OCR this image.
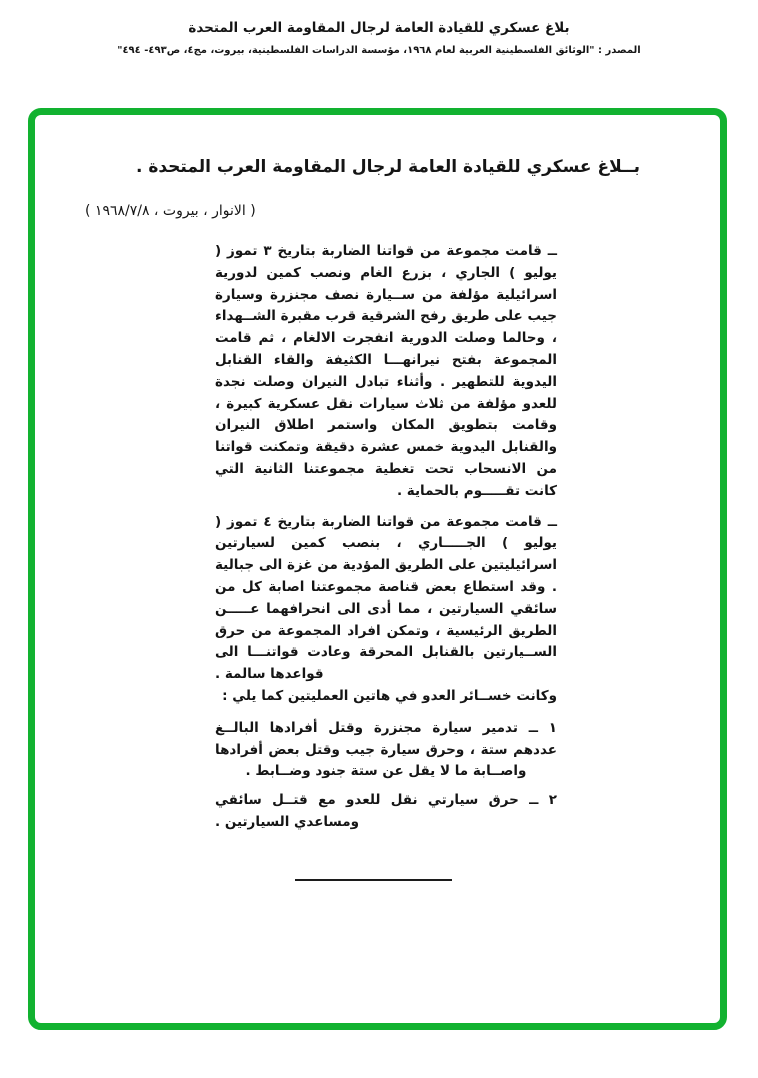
بلاغ عسكري للقيادة العامة لرجال المقاومة العرب المتحدة
المصدر : "الوثائق الفلسطينية العربية لعام ١٩٦٨، مؤسسة الدراسات الفلسطينية، بيروت، مج٤، ص٤٩٣- ٤٩٤"
بــلاغ عسكري للقيادة العامة لرجال المقاومة العرب المتحدة .
( الانوار ، بيروت ، ١٩٦٨/٧/٨ )

ــ قامت مجموعة من قواتنا الضاربة بتاريخ ٣ تموز ( يوليو ) الجاري ، بزرع الغام ونصب كمين لدورية اسرائيلية مؤلفة من ســيارة نصف مجنزرة وسيارة جيب على طريق رفح الشرقية قرب مقبرة الشــهداء ، وحالما وصلت الدورية انفجرت الالغام ، ثم قامت المجموعة بفتح نيرانهـــا الكثيفة والقاء القنابل اليدوية للتطهير . وأثناء تبادل النيران وصلت نجدة للعدو مؤلفة من ثلاث سيارات نقل عسكرية كبيرة ، وقامت بتطويق المكان واستمر اطلاق النيران والقنابل اليدوية خمس عشرة دقيقة وتمكنت قواتنا من الانسحاب تحت تغطية مجموعتنا الثانية التي كانت تقـــــوم بالحماية .

ــ قامت مجموعة من قواتنا الضاربة بتاريخ ٤ تموز ( يوليو ) الجـــــاري ، بنصب كمين لسيارتين اسرائيليتين على الطريق المؤدية من غزة الى جبالية . وقد استطاع بعض قناصة مجموعتنا اصابة كل من سائقي السيارتين ، مما أدى الى انحرافهما عـــــن الطريق الرئيسية ، وتمكن افراد المجموعة من حرق الســيارتين بالقنابل المحرقة وعادت قواتنـــا الى قواعدها سالمة .

وكانت خســائر العدو في هاتين العمليتين كما يلي :

١ ــ تدمير سيارة مجنزرة وقتل أفرادها البالــغ عددهم ستة ، وحرق سيارة جيب وقتل بعض أفرادها واصــابة ما لا يقل عن ستة جنود وضــابط .

٢ ــ حرق سيارتي نقل للعدو مع قتــل سائقي ومساعدي السيارتين .
